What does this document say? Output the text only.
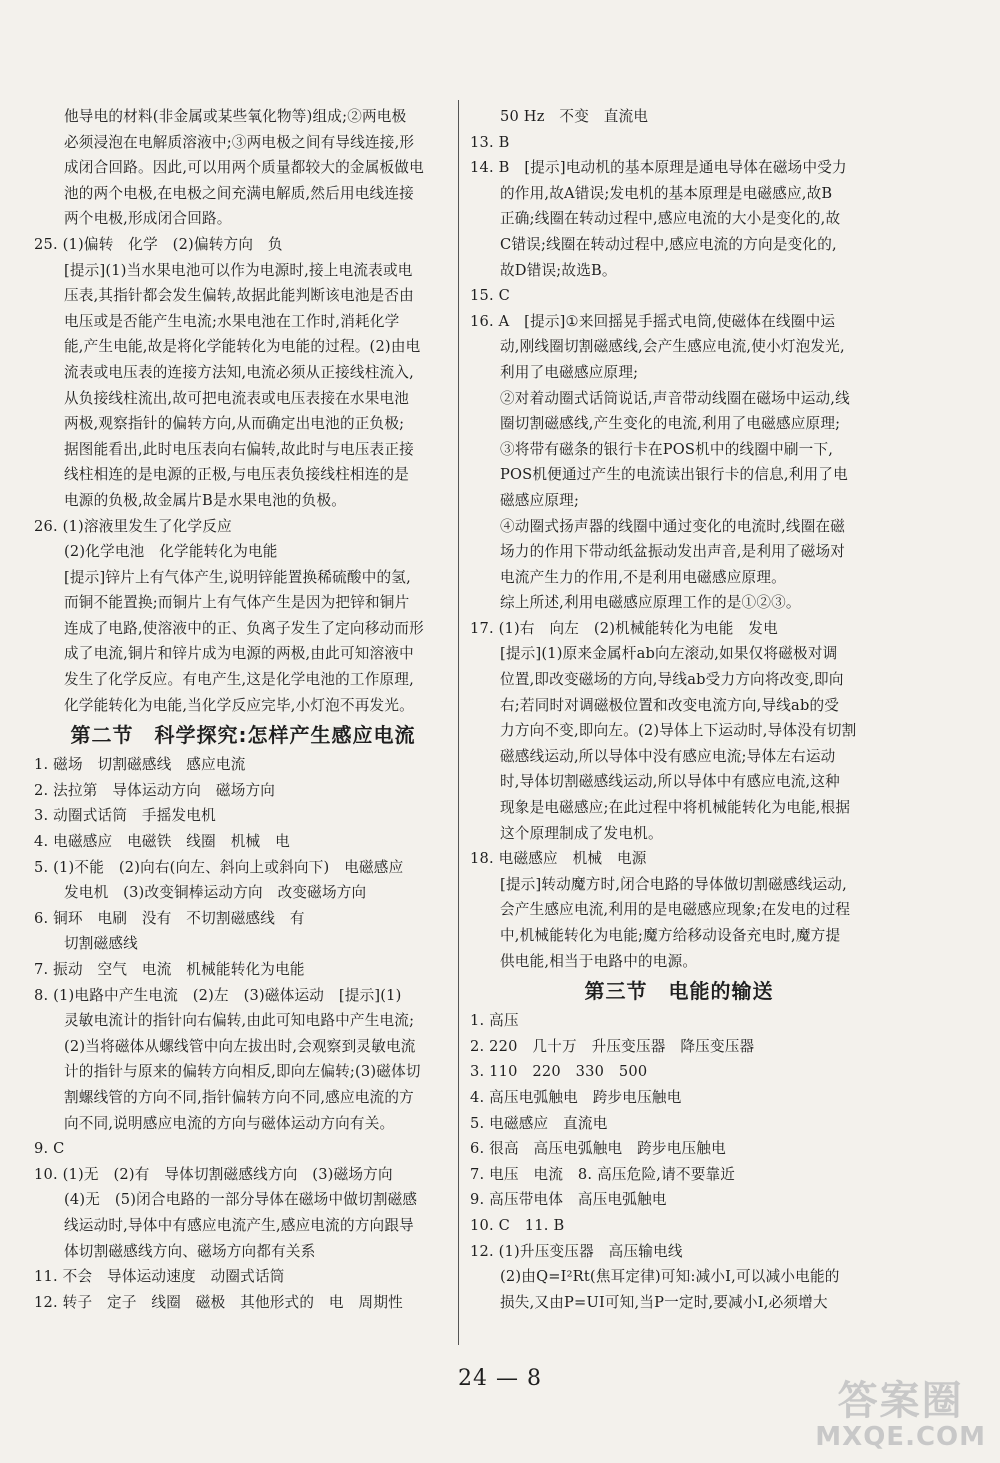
他导电的材料(非金属或某些氧化物等)组成;②两电极
必须浸泡在电解质溶液中;③两电极之间有导线连接,形
成闭合回路。因此,可以用两个质量都较大的金属板做电
池的两个电极,在电极之间充满电解质,然后用电线连接
两个电极,形成闭合回路。
25. (1)偏转　化学　(2)偏转方向　负
[提示](1)当水果电池可以作为电源时,接上电流表或电
压表,其指针都会发生偏转,故据此能判断该电池是否由
电压或是否能产生电流;水果电池在工作时,消耗化学
能,产生电能,故是将化学能转化为电能的过程。(2)由电
流表或电压表的连接方法知,电流必须从正接线柱流入,
从负接线柱流出,故可把电流表或电压表接在水果电池
两极,观察指针的偏转方向,从而确定出电池的正负极;
据图能看出,此时电压表向右偏转,故此时与电压表正接
线柱相连的是电源的正极,与电压表负接线柱相连的是
电源的负极,故金属片B是水果电池的负极。
26. (1)溶液里发生了化学反应
(2)化学电池　化学能转化为电能
[提示]锌片上有气体产生,说明锌能置换稀硫酸中的氢,
而铜不能置换;而铜片上有气体产生是因为把锌和铜片
连成了电路,使溶液中的正、负离子发生了定向移动而形
成了电流,铜片和锌片成为电源的两极,由此可知溶液中
发生了化学反应。有电产生,这是化学电池的工作原理,
化学能转化为电能,当化学反应完毕,小灯泡不再发光。
第二节　科学探究:怎样产生感应电流
1. 磁场　切割磁感线　感应电流
2. 法拉第　导体运动方向　磁场方向
3. 动圈式话筒　手摇发电机
4. 电磁感应　电磁铁　线圈　机械　电
5. (1)不能　(2)向右(向左、斜向上或斜向下)　电磁感应
发电机　(3)改变铜棒运动方向　改变磁场方向
6. 铜环　电刷　没有　不切割磁感线　有
切割磁感线
7. 振动　空气　电流　机械能转化为电能
8. (1)电路中产生电流　(2)左　(3)磁体运动　[提示](1)
灵敏电流计的指针向右偏转,由此可知电路中产生电流;
(2)当将磁体从螺线管中向左拔出时,会观察到灵敏电流
计的指针与原来的偏转方向相反,即向左偏转;(3)磁体切
割螺线管的方向不同,指针偏转方向不同,感应电流的方
向不同,说明感应电流的方向与磁体运动方向有关。
9. C
10. (1)无　(2)有　导体切割磁感线方向　(3)磁场方向
(4)无　(5)闭合电路的一部分导体在磁场中做切割磁感
线运动时,导体中有感应电流产生,感应电流的方向跟导
体切割磁感线方向、磁场方向都有关系
11. 不会　导体运动速度　动圈式话筒
12. 转子　定子　线圈　磁极　其他形式的　电　周期性
50 Hz　不变　直流电
13. B
14. B　[提示]电动机的基本原理是通电导体在磁场中受力
的作用,故A错误;发电机的基本原理是电磁感应,故B
正确;线圈在转动过程中,感应电流的大小是变化的,故
C错误;线圈在转动过程中,感应电流的方向是变化的,
故D错误;故选B。
15. C
16. A　[提示]①来回摇晃手摇式电筒,使磁体在线圈中运
动,刚线圈切割磁感线,会产生感应电流,使小灯泡发光,
利用了电磁感应原理;
②对着动圈式话筒说话,声音带动线圈在磁场中运动,线
圈切割磁感线,产生变化的电流,利用了电磁感应原理;
③将带有磁条的银行卡在POS机中的线圈中刷一下,
POS机便通过产生的电流读出银行卡的信息,利用了电
磁感应原理;
④动圈式扬声器的线圈中通过变化的电流时,线圈在磁
场力的作用下带动纸盆振动发出声音,是利用了磁场对
电流产生力的作用,不是利用电磁感应原理。
综上所述,利用电磁感应原理工作的是①②③。
17. (1)右　向左　(2)机械能转化为电能　发电
[提示](1)原来金属杆ab向左滚动,如果仅将磁极对调
位置,即改变磁场的方向,导线ab受力方向将改变,即向
右;若同时对调磁极位置和改变电流方向,导线ab的受
力方向不变,即向左。(2)导体上下运动时,导体没有切割
磁感线运动,所以导体中没有感应电流;导体左右运动
时,导体切割磁感线运动,所以导体中有感应电流,这种
现象是电磁感应;在此过程中将机械能转化为电能,根据
这个原理制成了发电机。
18. 电磁感应　机械　电源
[提示]转动魔方时,闭合电路的导体做切割磁感线运动,
会产生感应电流,利用的是电磁感应现象;在发电的过程
中,机械能转化为电能;魔方给移动设备充电时,魔方提
供电能,相当于电路中的电源。
第三节　电能的输送
1. 高压
2. 220　几十万　升压变压器　降压变压器
3. 110　220　330　500
4. 高压电弧触电　跨步电压触电
5. 电磁感应　直流电
6. 很高　高压电弧触电　跨步电压触电
7. 电压　电流　8. 高压危险,请不要靠近
9. 高压带电体　高压电弧触电
10. C　11. B
12. (1)升压变压器　高压输电线
(2)由Q=I²Rt(焦耳定律)可知:减小I,可以减小电能的
损失,又由P=UI可知,当P一定时,要减小I,必须增大
24 — 8	答案圈
MXQE.COM
